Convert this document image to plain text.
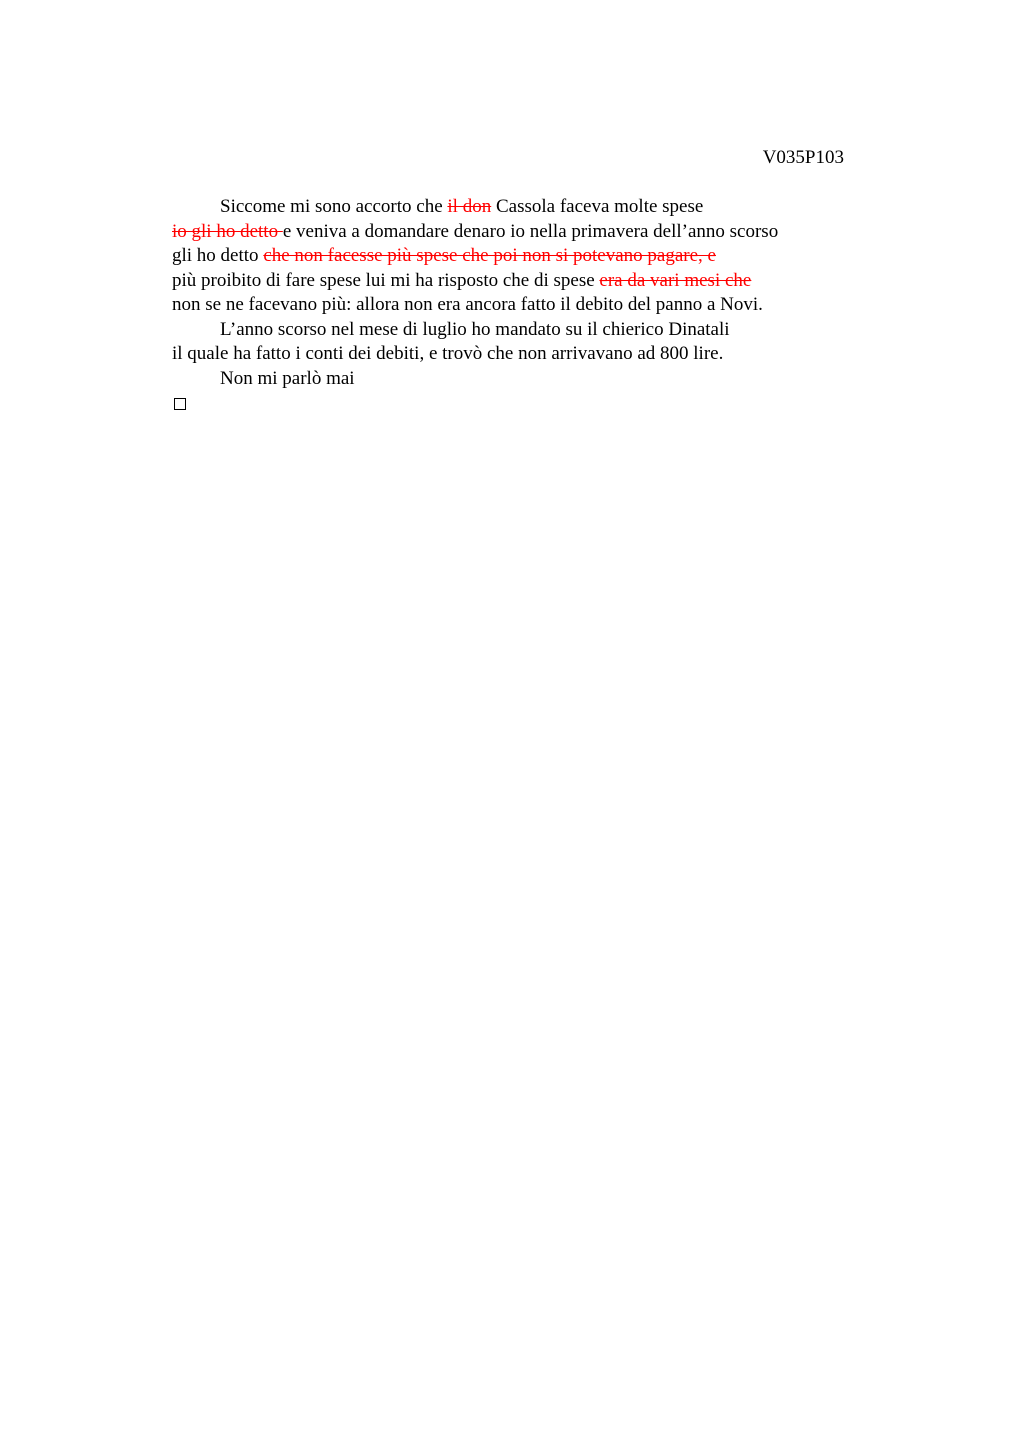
V035P103
Siccome mi sono accorto che il don Cassola faceva molte spese
io gli ho detto e veniva a domandare denaro io nella primavera dell’anno scorso
gli ho detto che non facesse più spese che poi non si potevano pagare, e
più proibito di fare spese lui mi ha risposto che di spese era da vari mesi che
non se ne facevano più: allora non era ancora fatto il debito del panno a Novi.
L’anno scorso nel mese di luglio ho mandato su il chierico Dinatali
il quale ha fatto i conti dei debiti, e trovò che non arrivavano ad 800 lire.
Non mi parlò mai
